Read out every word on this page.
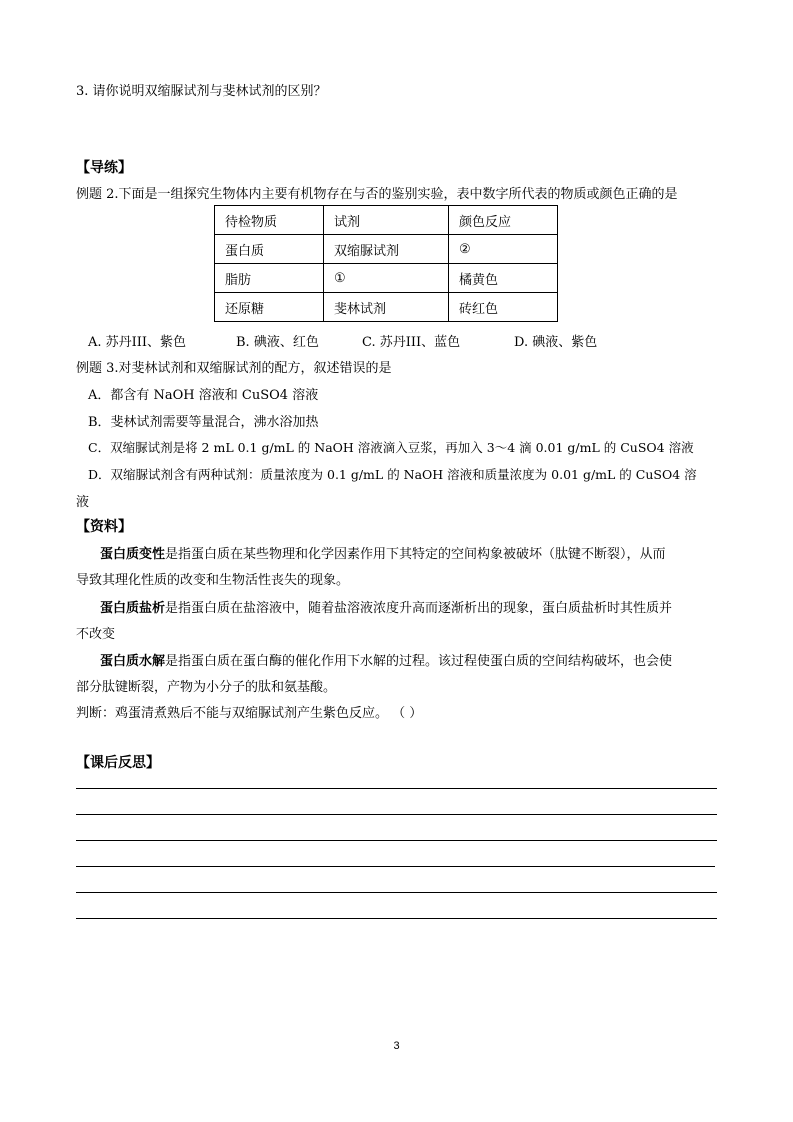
3. 请你说明双缩脲试剂与斐林试剂的区别？
【导练】
例题 2.下面是一组探究生物体内主要有机物存在与否的鉴别实验，表中数字所代表的物质或颜色正确的是
待检物质	试剂	颜色反应
蛋白质	双缩脲试剂	②
脂肪	①	橘黄色
还原糖	斐林试剂	砖红色
A. 苏丹III、紫色	B. 碘液、红色	C. 苏丹III、蓝色	D. 碘液、紫色
例题 3.对斐林试剂和双缩脲试剂的配方，叙述错误的是
A．都含有 NaOH 溶液和 CuSO4 溶液
B．斐林试剂需要等量混合，沸水浴加热
C．双缩脲试剂是将 2 mL 0.1 g/mL 的 NaOH 溶液滴入豆浆，再加入 3～4 滴 0.01 g/mL 的 CuSO4 溶液
D．双缩脲试剂含有两种试剂：质量浓度为 0.1 g/mL 的 NaOH 溶液和质量浓度为 0.01 g/mL 的 CuSO4 溶
液
【资料】
蛋白质变性是指蛋白质在某些物理和化学因素作用下其特定的空间构象被破坏（肽键不断裂），从而
导致其理化性质的改变和生物活性丧失的现象。
蛋白质盐析是指蛋白质在盐溶液中，随着盐溶液浓度升高而逐渐析出的现象，蛋白质盐析时其性质并
不改变
蛋白质水解是指蛋白质在蛋白酶的催化作用下水解的过程。该过程使蛋白质的空间结构破坏，也会使
部分肽键断裂，产物为小分子的肽和氨基酸。
判断：鸡蛋清煮熟后不能与双缩脲试剂产生紫色反应。 （ ）
【课后反思】
3
